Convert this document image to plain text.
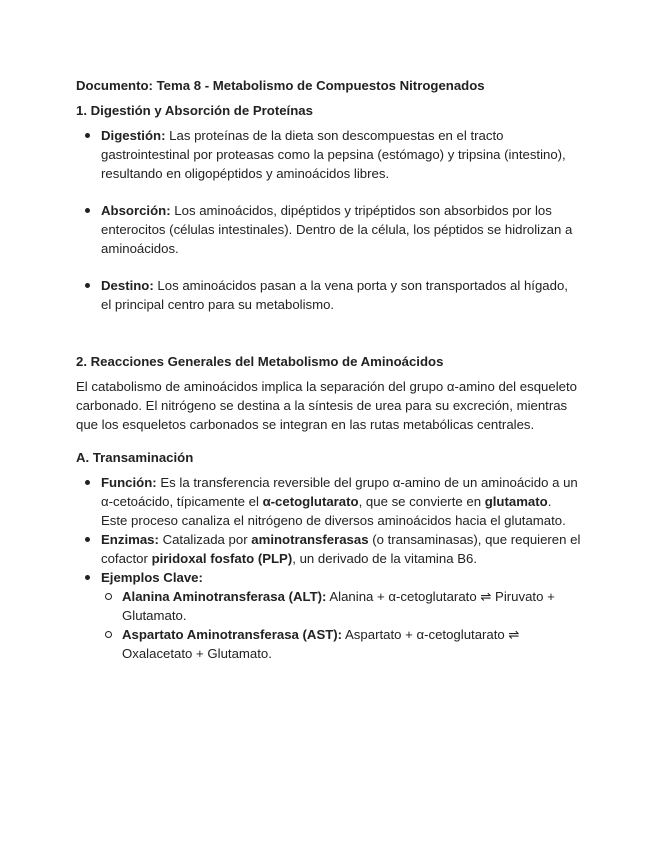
Documento: Tema 8 - Metabolismo de Compuestos Nitrogenados

1. Digestión y Absorción de Proteínas

Digestión: Las proteínas de la dieta son descompuestas en el tracto gastrointestinal por proteasas como la pepsina (estómago) y tripsina (intestino), resultando en oligopéptidos y aminoácidos libres.
Absorción: Los aminoácidos, dipéptidos y tripéptidos son absorbidos por los enterocitos (células intestinales). Dentro de la célula, los péptidos se hidrolizan a aminoácidos.
Destino: Los aminoácidos pasan a la vena porta y son transportados al hígado, el principal centro para su metabolismo.

2. Reacciones Generales del Metabolismo de Aminoácidos

El catabolismo de aminoácidos implica la separación del grupo α-amino del esqueleto carbonado. El nitrógeno se destina a la síntesis de urea para su excreción, mientras que los esqueletos carbonados se integran en las rutas metabólicas centrales.

A. Transaminación

Función: Es la transferencia reversible del grupo α-amino de un aminoácido a un α-cetoácido, típicamente el α-cetoglutarato, que se convierte en glutamato. Este proceso canaliza el nitrógeno de diversos aminoácidos hacia el glutamato.
Enzimas: Catalizada por aminotransferasas (o transaminasas), que requieren el cofactor piridoxal fosfato (PLP), un derivado de la vitamina B6.
Ejemplos Clave:
Alanina Aminotransferasa (ALT): Alanina + α-cetoglutarato ⇌ Piruvato + Glutamato.
Aspartato Aminotransferasa (AST): Aspartato + α-cetoglutarato ⇌ Oxalacetato + Glutamato.
